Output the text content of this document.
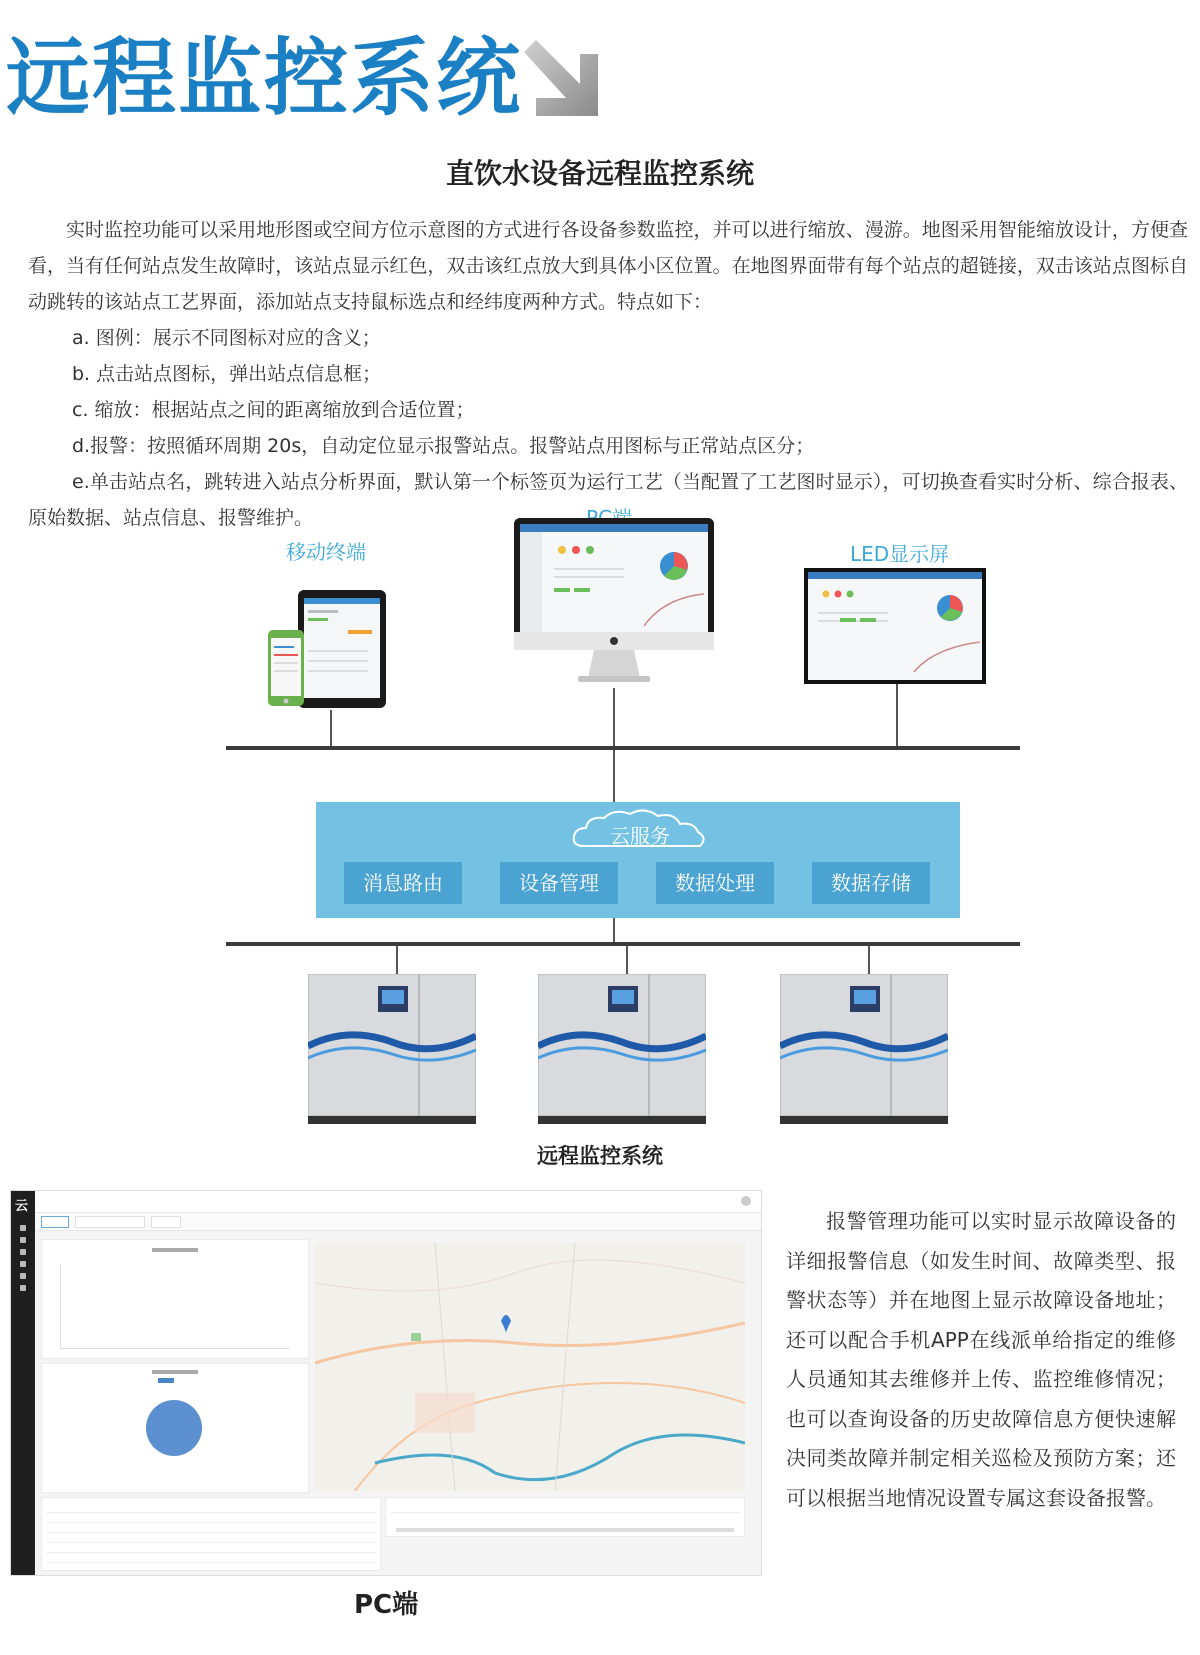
远程监控系统
直饮水设备远程监控系统

实时监控功能可以采用地形图或空间方位示意图的方式进行各设备参数监控，并可以进行缩放、漫游。地图采用智能缩放设计，方便查看，当有任何站点发生故障时，该站点显示红色，双击该红点放大到具体小区位置。在地图界面带有每个站点的超链接，双击该站点图标自动跳转的该站点工艺界面，添加站点支持鼠标选点和经纬度两种方式。特点如下：

a. 图例：展示不同图标对应的含义；

b. 点击站点图标，弹出站点信息框；

c. 缩放：根据站点之间的距离缩放到合适位置；

d.报警：按照循环周期 20s，自动定位显示报警站点。报警站点用图标与正常站点区分；

e.单击站点名，跳转进入站点分析界面，默认第一个标签页为运行工艺（当配置了工艺图时显示），可切换查看实时分析、综合报表、原始数据、站点信息、报警维护。

移动终端	LED显示屏
云服务
消息路由	设备管理	数据处理	数据存储
远程监控系统
云
报警管理功能可以实时显示故障设备的详细报警信息（如发生时间、故障类型、报警状态等）并在地图上显示故障设备地址；还可以配合手机APP在线派单给指定的维修人员通知其去维修并上传、监控维修情况；也可以查询设备的历史故障信息方便快速解决同类故障并制定相关巡检及预防方案；还可以根据当地情况设置专属这套设备报警。
PC端
